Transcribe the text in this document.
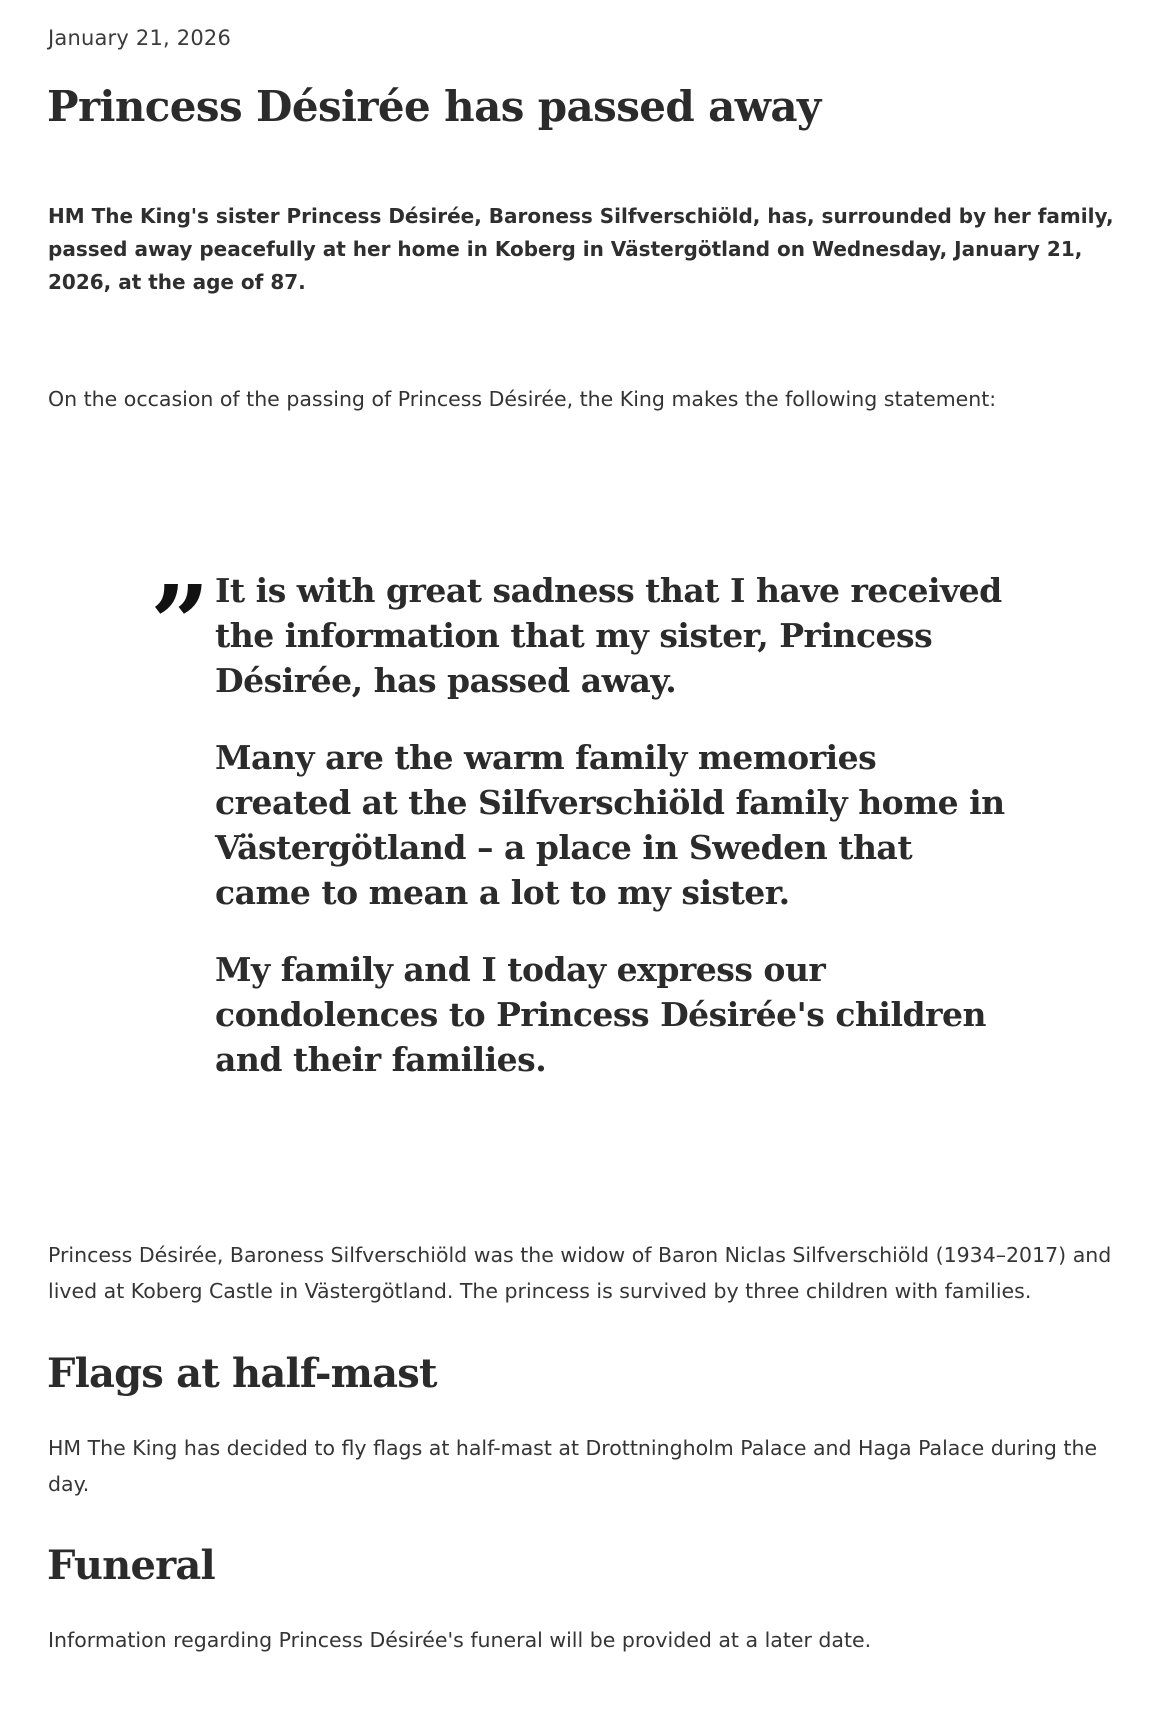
January 21, 2026
Princess Désirée has passed away

HM The King's sister Princess Désirée, Baroness Silfverschiöld, has, surrounded by her family, passed away peacefully at her home in Koberg in Västergötland on Wednesday, January 21, 2026, at the age of 87.

On the occasion of the passing of Princess Désirée, the King makes the following statement:

” It is with great sadness that I have received the information that my sister, Princess Désirée, has passed away.

Many are the warm family memories created at the Silfverschiöld family home in Västergötland – a place in Sweden that came to mean a lot to my sister.

My family and I today express our condolences to Princess Désirée's children and their families.

Princess Désirée, Baroness Silfverschiöld was the widow of Baron Niclas Silfverschiöld (1934–2017) and lived at Koberg Castle in Västergötland. The princess is survived by three children with families.

Flags at half-mast

HM The King has decided to fly flags at half-mast at Drottningholm Palace and Haga Palace during the day.

Funeral

Information regarding Princess Désirée's funeral will be provided at a later date.
